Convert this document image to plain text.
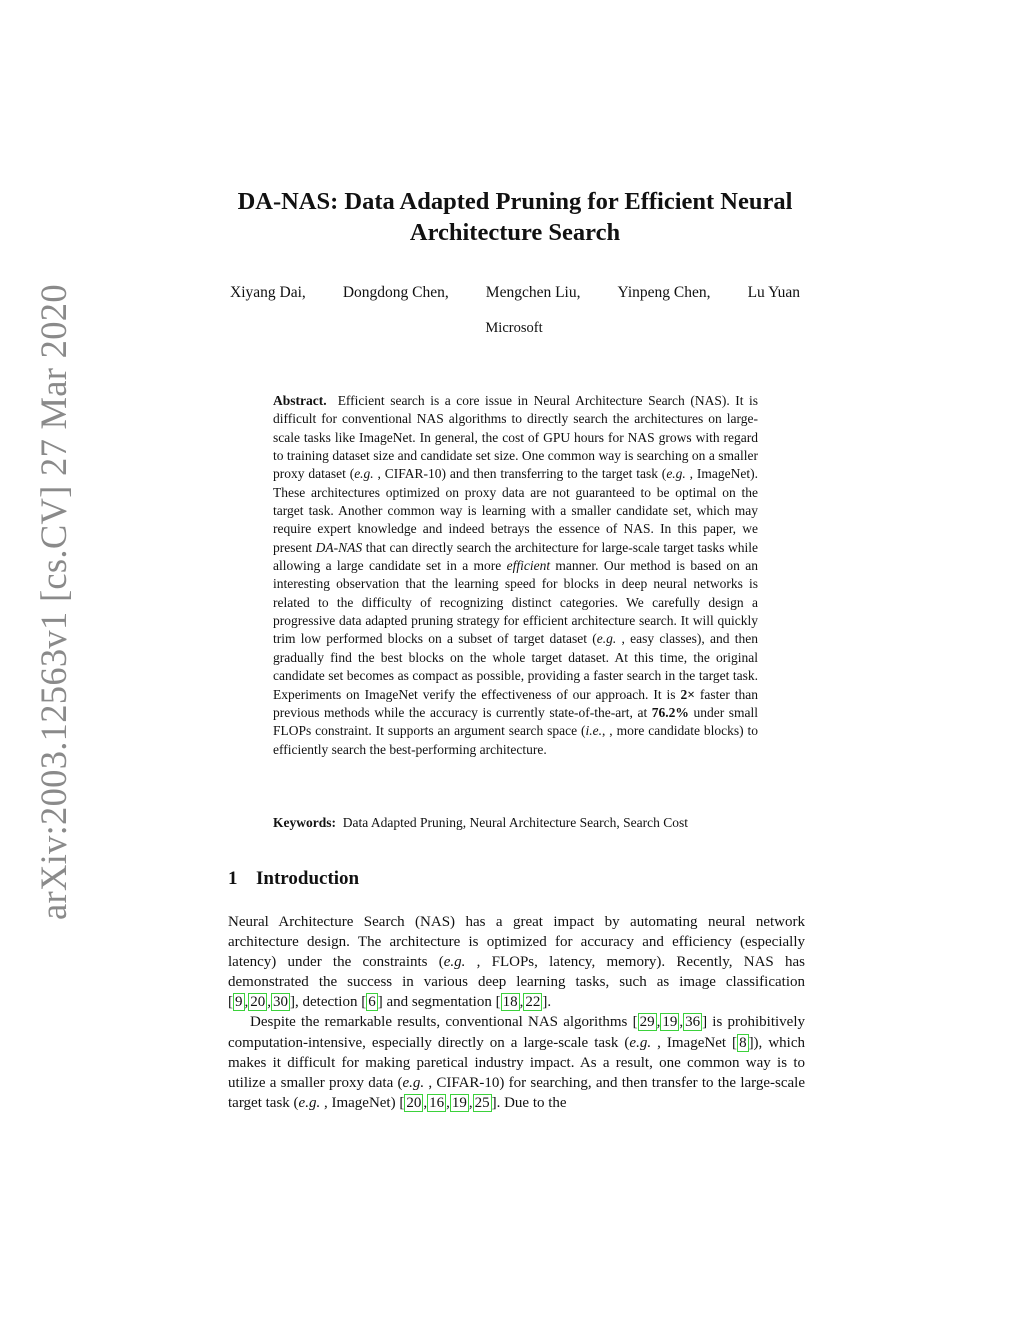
arXiv:2003.12563v1 [cs.CV] 27 Mar 2020
DA-NAS: Data Adapted Pruning for Efficient Neural Architecture Search
Xiyang Dai, Dongdong Chen, Mengchen Liu, Yinpeng Chen, Lu Yuan
Microsoft

Abstract. Efficient search is a core issue in Neural Architecture Search (NAS). It is difficult for conventional NAS algorithms to directly search the architectures on large-scale tasks like ImageNet. In general, the cost of GPU hours for NAS grows with regard to training dataset size and candidate set size. One common way is searching on a smaller proxy dataset (e.g. , CIFAR-10) and then transferring to the target task (e.g. , ImageNet). These architectures optimized on proxy data are not guaranteed to be optimal on the target task. Another common way is learning with a smaller candidate set, which may require expert knowledge and indeed betrays the essence of NAS. In this paper, we present DA-NAS that can directly search the architecture for large-scale target tasks while allowing a large candidate set in a more efficient manner. Our method is based on an interesting observation that the learning speed for blocks in deep neural networks is related to the difficulty of recognizing distinct categories. We carefully design a progressive data adapted pruning strategy for efficient architecture search. It will quickly trim low performed blocks on a subset of target dataset (e.g. , easy classes), and then gradually find the best blocks on the whole target dataset. At this time, the original candidate set becomes as compact as possible, providing a faster search in the target task. Experiments on ImageNet verify the effectiveness of our approach. It is 2× faster than previous methods while the accuracy is currently state-of-the-art, at 76.2% under small FLOPs constraint. It supports an argument search space (i.e., , more candidate blocks) to efficiently search the best-performing architecture.

Keywords: Data Adapted Pruning, Neural Architecture Search, Search Cost
1 Introduction

Neural Architecture Search (NAS) has a great impact by automating neural network architecture design. The architecture is optimized for accuracy and efficiency (especially latency) under the constraints (e.g. , FLOPs, latency, memory). Recently, NAS has demonstrated the success in various deep learning tasks, such as image classification [ 9 , 20 , 30 ], detection [ 6 ] and segmentation [ 18 , 22 ].

Despite the remarkable results, conventional NAS algorithms [ 29 , 19 , 36 ] is prohibitively computation-intensive, especially directly on a large-scale task (e.g. , ImageNet [ 8 ]), which makes it difficult for making paretical industry impact. As a result, one common way is to utilize a smaller proxy data (e.g. , CIFAR-10) for searching, and then transfer to the large-scale target task (e.g. , ImageNet) [ 20 , 16 , 19 , 25 ]. Due to the
